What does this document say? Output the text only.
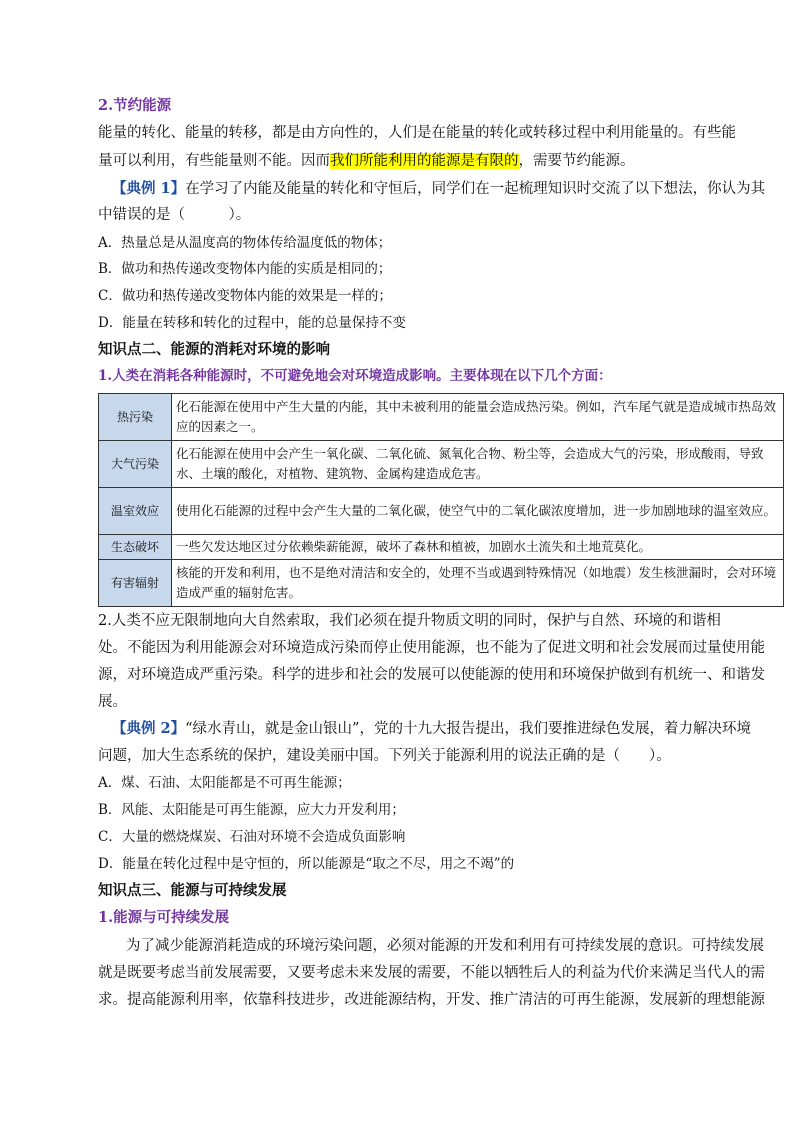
2.节约能源
能量的转化、能量的转移，都是由方向性的，人们是在能量的转化或转移过程中利用能量的。有些能
量可以利用，有些能量则不能。因而我们所能利用的能源是有限的，需要节约能源。
【典例 1】在学习了内能及能量的转化和守恒后，同学们在一起梳理知识时交流了以下想法，你认为其
中错误的是（　　　）。
A．热量总是从温度高的物体传给温度低的物体；
B．做功和热传递改变物体内能的实质是相同的；
C．做功和热传递改变物体内能的效果是一样的；
D．能量在转移和转化的过程中，能的总量保持不变
知识点二、能源的消耗对环境的影响
1.人类在消耗各种能源时，不可避免地会对环境造成影响。主要体现在以下几个方面：
热污染	化石能源在使用中产生大量的内能，其中未被利用的能量会造成热污染。例如，汽车尾气就是造成城市热岛效应的因素之一。
大气污染	化石能源在使用中会产生一氧化碳、二氧化硫、氮氧化合物、粉尘等，会造成大气的污染，形成酸雨，导致水、土壤的酸化，对植物、建筑物、金属构建造成危害。
温室效应	使用化石能源的过程中会产生大量的二氧化碳，使空气中的二氧化碳浓度增加，进一步加剧地球的温室效应。
生态破坏	一些欠发达地区过分依赖柴薪能源，破坏了森林和植被，加剧水土流失和土地荒莫化。
有害辐射	核能的开发和利用，也不是绝对清洁和安全的，处理不当或遇到特殊情况（如地震）发生核泄漏时，会对环境造成严重的辐射危害。
2.人类不应无限制地向大自然索取，我们必须在提升物质文明的同时，保护与自然、环境的和谐相
处。不能因为利用能源会对环境造成污染而停止使用能源，也不能为了促进文明和社会发展而过量使用能
源，对环境造成严重污染。科学的进步和社会的发展可以使能源的使用和环境保护做到有机统一、和谐发
展。
【典例 2】“绿水青山，就是金山银山”，党的十九大报告提出，我们要推进绿色发展，着力解决环境
问题，加大生态系统的保护，建设美丽中国。下列关于能源利用的说法正确的是（　　）。
A．煤、石油、太阳能都是不可再生能源；
B．风能、太阳能是可再生能源，应大力开发利用；
C．大量的燃烧煤炭、石油对环境不会造成负面影响
D．能量在转化过程中是守恒的，所以能源是“取之不尽，用之不竭”的
知识点三、能源与可持续发展
1.能源与可持续发展
为了减少能源消耗造成的环境污染问题，必须对能源的开发和利用有可持续发展的意识。可持续发展
就是既要考虑当前发展需要，又要考虑未来发展的需要，不能以牺牲后人的利益为代价来满足当代人的需
求。提高能源利用率，依靠科技进步，改进能源结构，开发、推广清洁的可再生能源，发展新的理想能源
